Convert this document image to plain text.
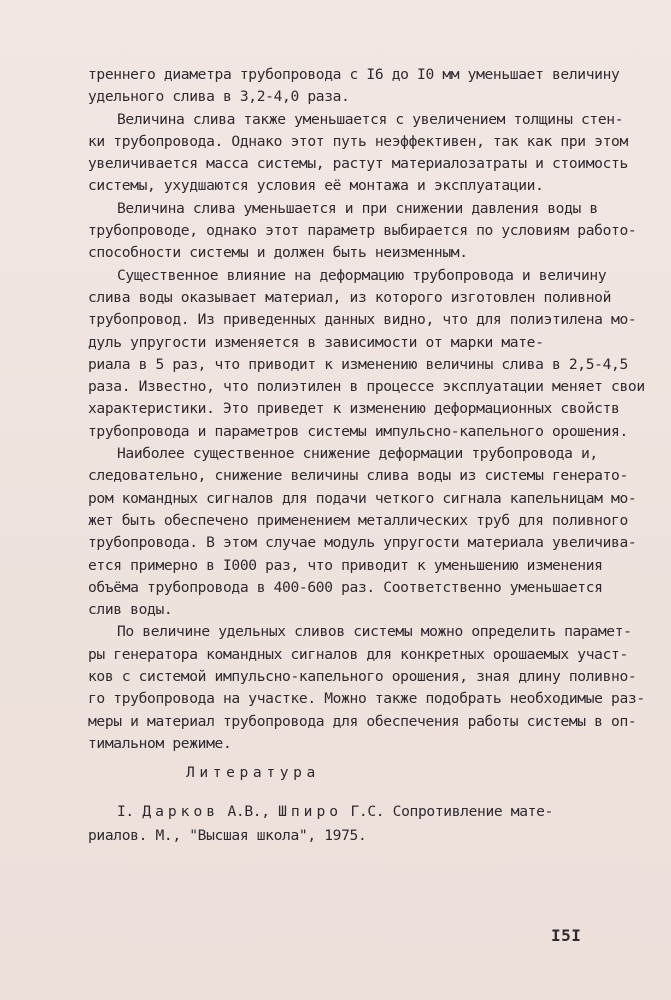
треннего диаметра трубопровода с I6 до I0 мм уменьшает величину
удельного слива в 3,2-4,0 раза.
Величина слива также уменьшается с увеличением толщины стен-
ки трубопровода. Однако этот путь неэффективен, так как при этом
увеличивается масса системы, растут материалозатраты и стоимость
системы, ухудшаются условия её монтажа и эксплуатации.
Величина слива уменьшается и при снижении давления воды в
трубопроводе, однако этот параметр выбирается по условиям работо-
способности системы и должен быть неизменным.
Существенное влияние на деформацию трубопровода и величину
слива воды оказывает материал, из которого изготовлен поливной
трубопровод. Из приведенных данных видно, что для полиэтилена мо-
дуль упругости изменяется в зависимости от марки мате-
риала в 5 раз, что приводит к изменению величины слива в 2,5-4,5
раза. Известно, что полиэтилен в процессе эксплуатации меняет свои
характеристики. Это приведет к изменению деформационных свойств
трубопровода и параметров системы импульсно-капельного орошения.
Наиболее существенное снижение деформации трубопровода и,
следовательно, снижение величины слива воды из системы генерато-
ром командных сигналов для подачи четкого сигнала капельницам мо-
жет быть обеспечено применением металлических труб для поливного
трубопровода. В этом случае модуль упругости материала увеличива-
ется примерно в I000 раз, что приводит к уменьшению изменения
объёма трубопровода в 400-600 раз. Соответственно уменьшается
слив воды.
По величине удельных сливов системы можно определить парамет-
ры генератора командных сигналов для конкретных орошаемых участ-
ков с системой импульсно-капельного орошения, зная длину поливно-
го трубопровода на участке. Можно также подобрать необходимые раз-
меры и материал трубопровода для обеспечения работы системы в оп-
тимальном режиме.
Литература
I. Дарков А.В., Шпиро Г.С. Сопротивление мате-
риалов. М., "Высшая школа", 1975.
I5I
